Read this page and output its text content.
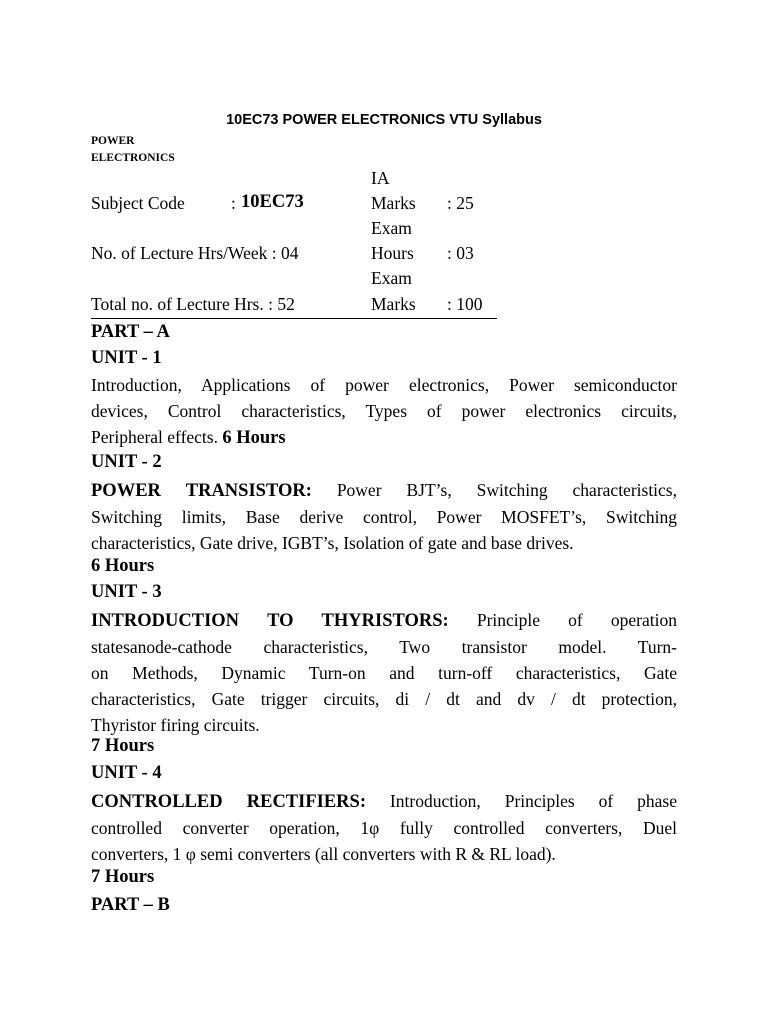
10EC73 POWER ELECTRONICS VTU Syllabus
POWER
ELECTRONICS
Subject Code	: 10EC73
No. of Lecture Hrs/Week : 04
Total no. of Lecture Hrs. : 52
IA
Marks : 25
Exam
Hours : 03
Exam
Marks : 100
PART – A
UNIT - 1
Introduction, Applications of power electronics, Power semiconductor
devices, Control characteristics, Types of power electronics circuits,
Peripheral effects. 6 Hours
UNIT - 2
POWER TRANSISTOR: Power BJT’s, Switching characteristics,
Switching limits, Base derive control, Power MOSFET’s, Switching
characteristics, Gate drive, IGBT’s, Isolation of gate and base drives.
6 Hours
UNIT - 3
INTRODUCTION TO THYRISTORS: Principle of operation
statesanode-cathode characteristics, Two transistor model. Turn-
on Methods, Dynamic Turn-on and turn-off characteristics, Gate
characteristics, Gate trigger circuits, di / dt and dv / dt protection,
Thyristor firing circuits.
7 Hours
UNIT - 4
CONTROLLED RECTIFIERS: Introduction, Principles of phase
controlled converter operation, 1φ fully controlled converters, Duel
converters, 1 φ semi converters (all converters with R & RL load).
7 Hours
PART – B
